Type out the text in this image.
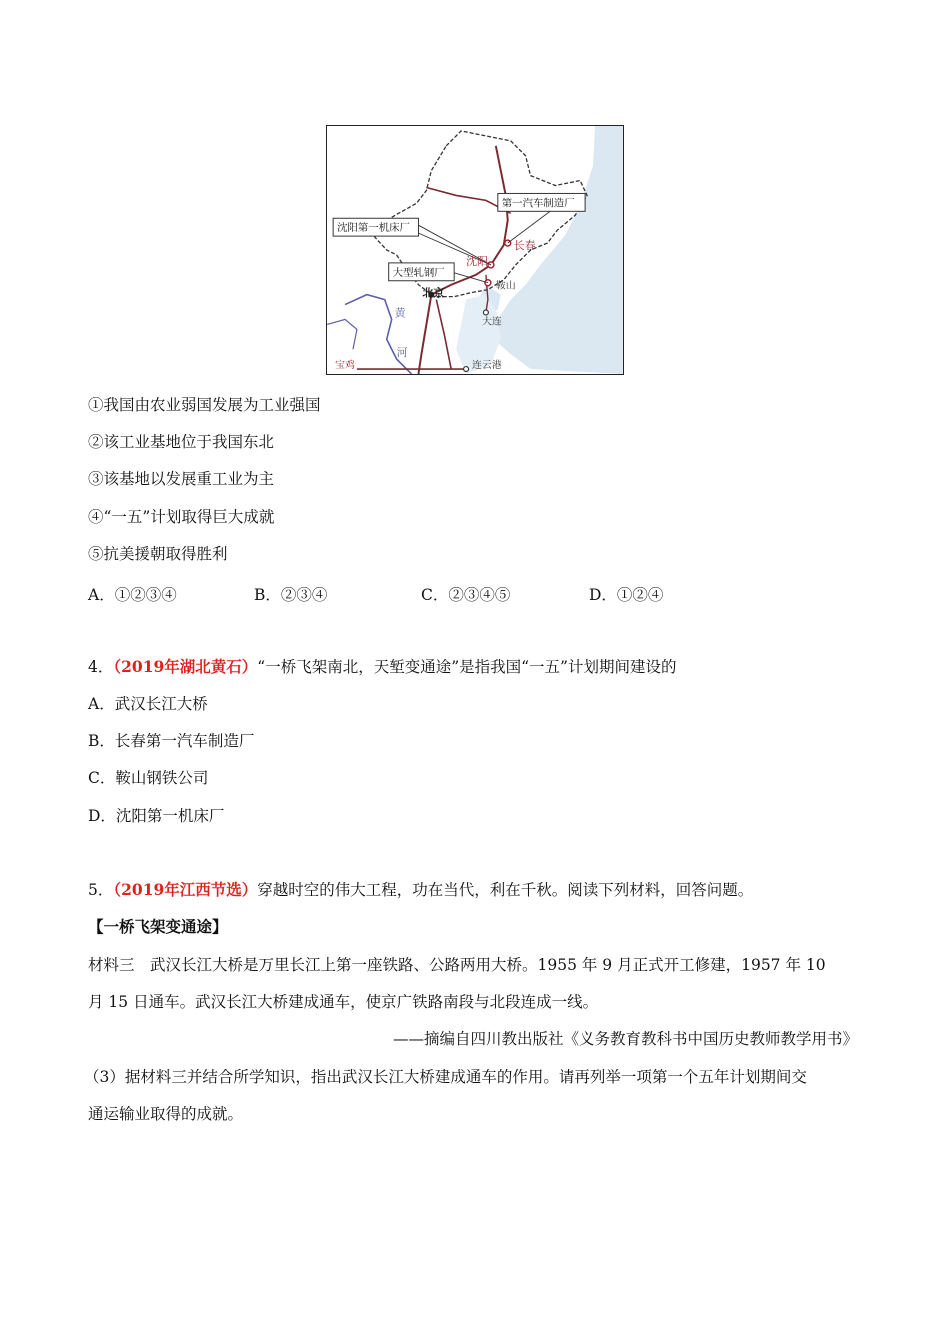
沈阳第一机床厂
第一汽车制造厂
大型轧钢厂
长春
沈阳
鞍山
北京
大连
宝鸡	连云港
黄
河
①我国由农业弱国发展为工业强国
②该工业基地位于我国东北
③该基地以发展重工业为主
④“一五”计划取得巨大成就
⑤抗美援朝取得胜利
A．①②③④	B．②③④	C．②③④⑤	D．①②④
4．（2019年湖北黄石）“一桥飞架南北，天堑变通途”是指我国“一五”计划期间建设的
A．武汉长江大桥
B．长春第一汽车制造厂
C．鞍山钢铁公司
D．沈阳第一机床厂
5．（2019年江西节选）穿越时空的伟大工程，功在当代，利在千秋。阅读下列材料，回答问题。
【一桥飞架变通途】
材料三　武汉长江大桥是万里长江上第一座铁路、公路两用大桥。1955 年 9 月正式开工修建，1957 年 10
月 15 日通车。武汉长江大桥建成通车，使京广铁路南段与北段连成一线。
——摘编自四川教出版社《义务教育教科书中国历史教师教学用书》
（3）据材料三并结合所学知识，指出武汉长江大桥建成通车的作用。请再列举一项第一个五年计划期间交
通运输业取得的成就。
